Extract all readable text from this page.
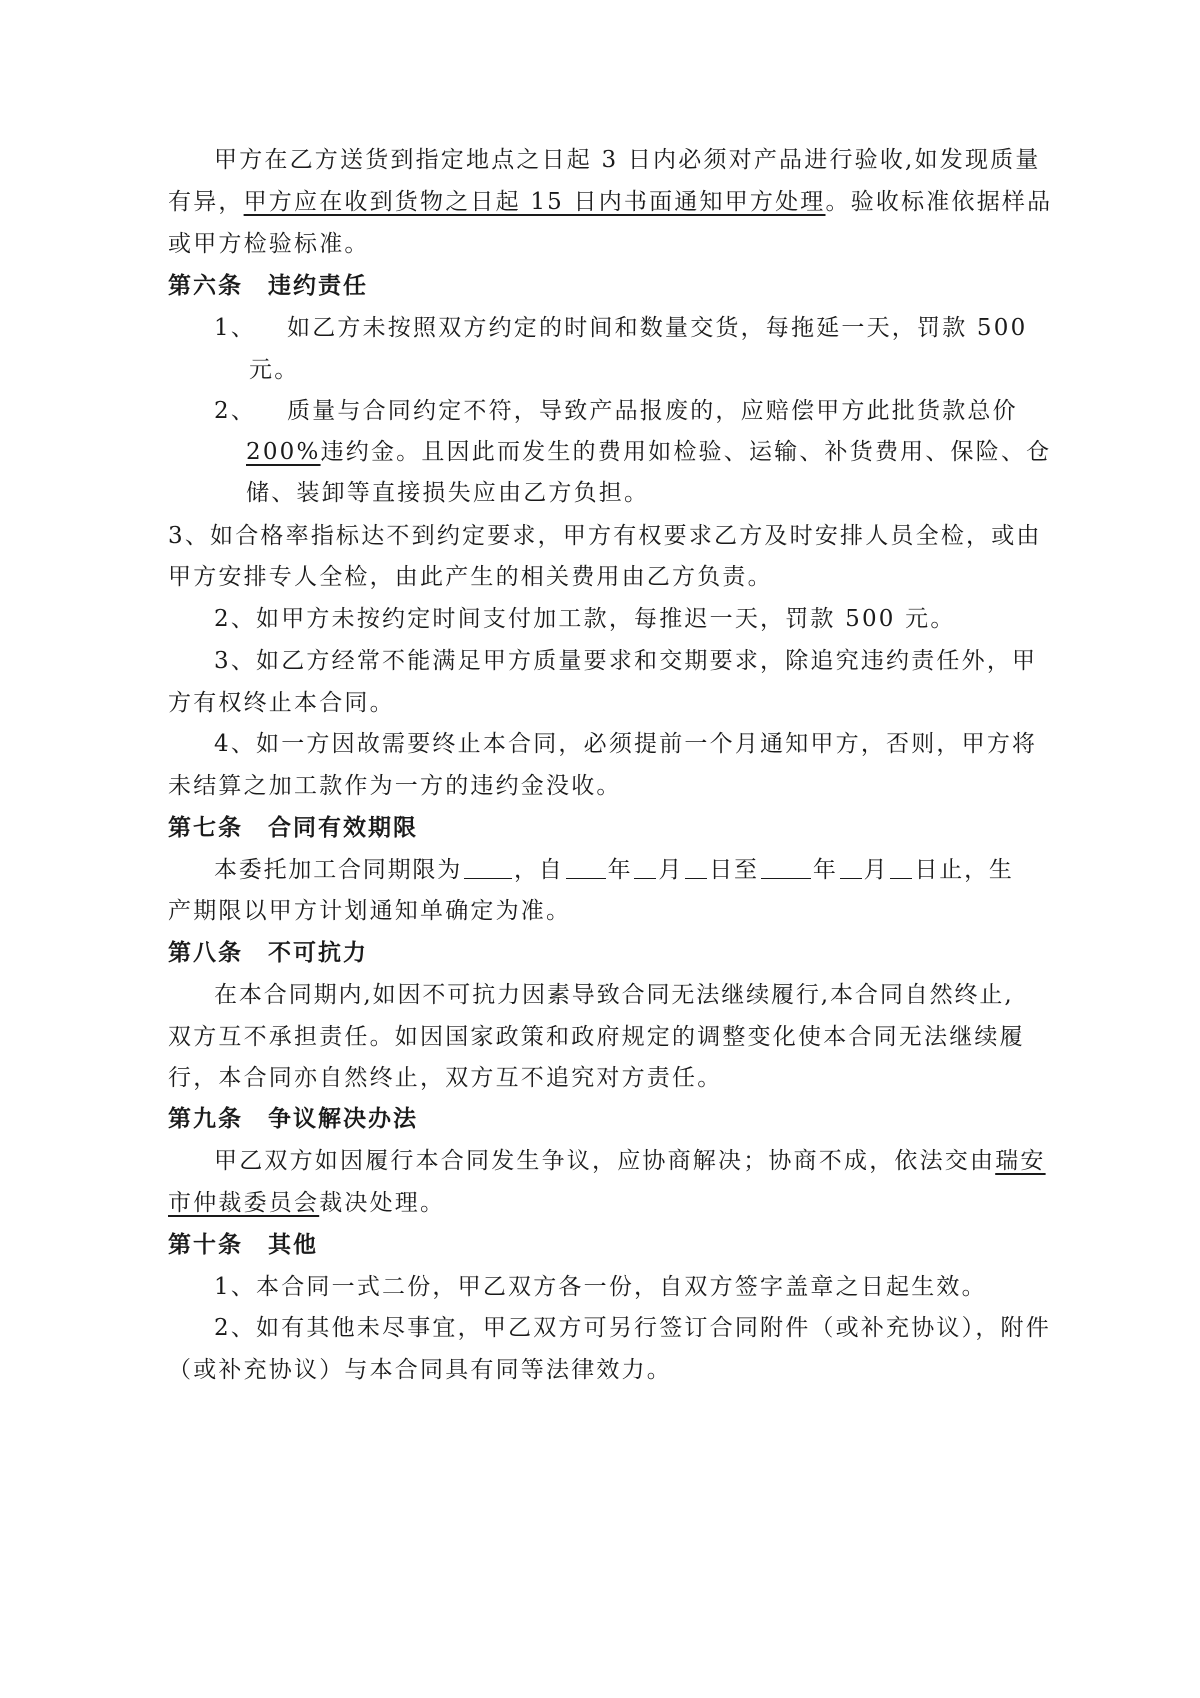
甲方在乙方送货到指定地点之日起 3 日内必须对产品进行验收,如发现质量
有异，甲方应在收到货物之日起 15 日内书面通知甲方处理。验收标准依据样品
或甲方检验标准。
第六条　违约责任
1、 如乙方未按照双方约定的时间和数量交货，每拖延一天，罚款 500
元。
2、 质量与合同约定不符，导致产品报废的，应赔偿甲方此批货款总价
200%违约金。且因此而发生的费用如检验、运输、补货费用、保险、仓
储、装卸等直接损失应由乙方负担。
3、如合格率指标达不到约定要求，甲方有权要求乙方及时安排人员全检，或由
甲方安排专人全检，由此产生的相关费用由乙方负责。
2、如甲方未按约定时间支付加工款，每推迟一天，罚款 500 元。
3、如乙方经常不能满足甲方质量要求和交期要求，除追究违约责任外，甲
方有权终止本合同。
4、如一方因故需要终止本合同，必须提前一个月通知甲方，否则，甲方将
未结算之加工款作为一方的违约金没收。
第七条　合同有效期限
本委托加工合同期限为 ，自 年 月 日至 年 月 日止，生
产期限以甲方计划通知单确定为准。
第八条　不可抗力
在本合同期内,如因不可抗力因素导致合同无法继续履行,本合同自然终止,
双方互不承担责任。如因国家政策和政府规定的调整变化使本合同无法继续履
行，本合同亦自然终止，双方互不追究对方责任。
第九条　争议解决办法
甲乙双方如因履行本合同发生争议，应协商解决；协商不成，依法交由瑞安
市仲裁委员会裁决处理。
第十条　其他
1、本合同一式二份，甲乙双方各一份，自双方签字盖章之日起生效。
2、如有其他未尽事宜，甲乙双方可另行签订合同附件（或补充协议），附件
（或补充协议）与本合同具有同等法律效力。
